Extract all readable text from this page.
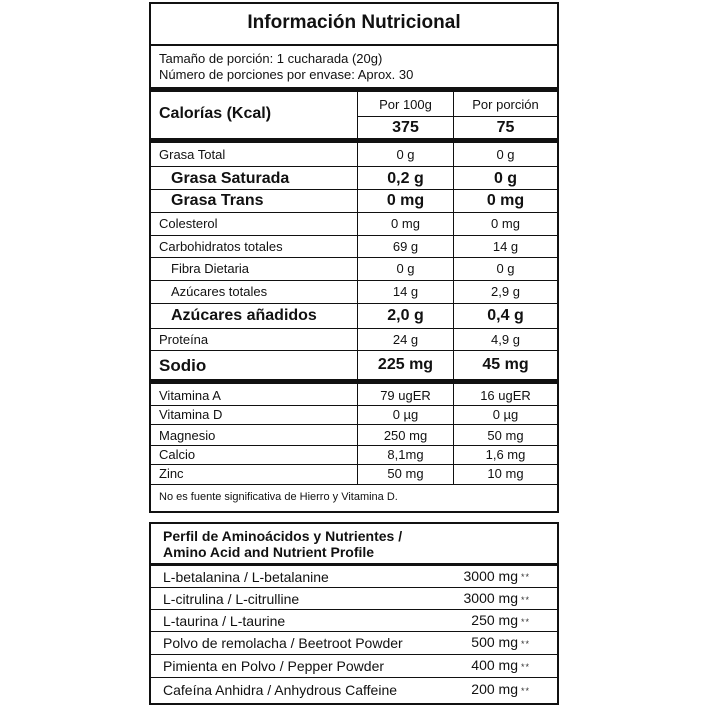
Información Nutricional
Tamaño de porción: 1 cucharada (20g)
Número de porciones por envase: Aprox. 30
Calorías (Kcal)
Por 100g	Por porción
375	75
Grasa Total	0 g	0 g
Grasa Saturada	0,2 g	0 g
Grasa Trans	0 mg	0 mg
Colesterol	0 mg	0 mg
Carbohidratos totales	69 g	14 g
Fibra Dietaria	0 g	0 g
Azúcares totales	14 g	2,9 g
Azúcares añadidos	2,0 g	0,4 g
Proteína	24 g	4,9 g
Sodio	225 mg	45 mg
Vitamina A	79 ugER	16 ugER
Vitamina D	0 µg	0 µg
Magnesio	250 mg	50 mg
Calcio	8,1mg	1,6 mg
Zinc	50 mg	10 mg
No es fuente significativa de Hierro y Vitamina D.
Perfil de Aminoácidos y Nutrientes /
Amino Acid and Nutrient Profile
L-betalanina / L-betalanine	3000 mg **
L-citrulina / L-citrulline	3000 mg **
L-taurina / L-taurine	250 mg **
Polvo de remolacha / Beetroot Powder	500 mg **
Pimienta en Polvo / Pepper Powder	400 mg **
Cafeína Anhidra / Anhydrous Caffeine	200 mg **
